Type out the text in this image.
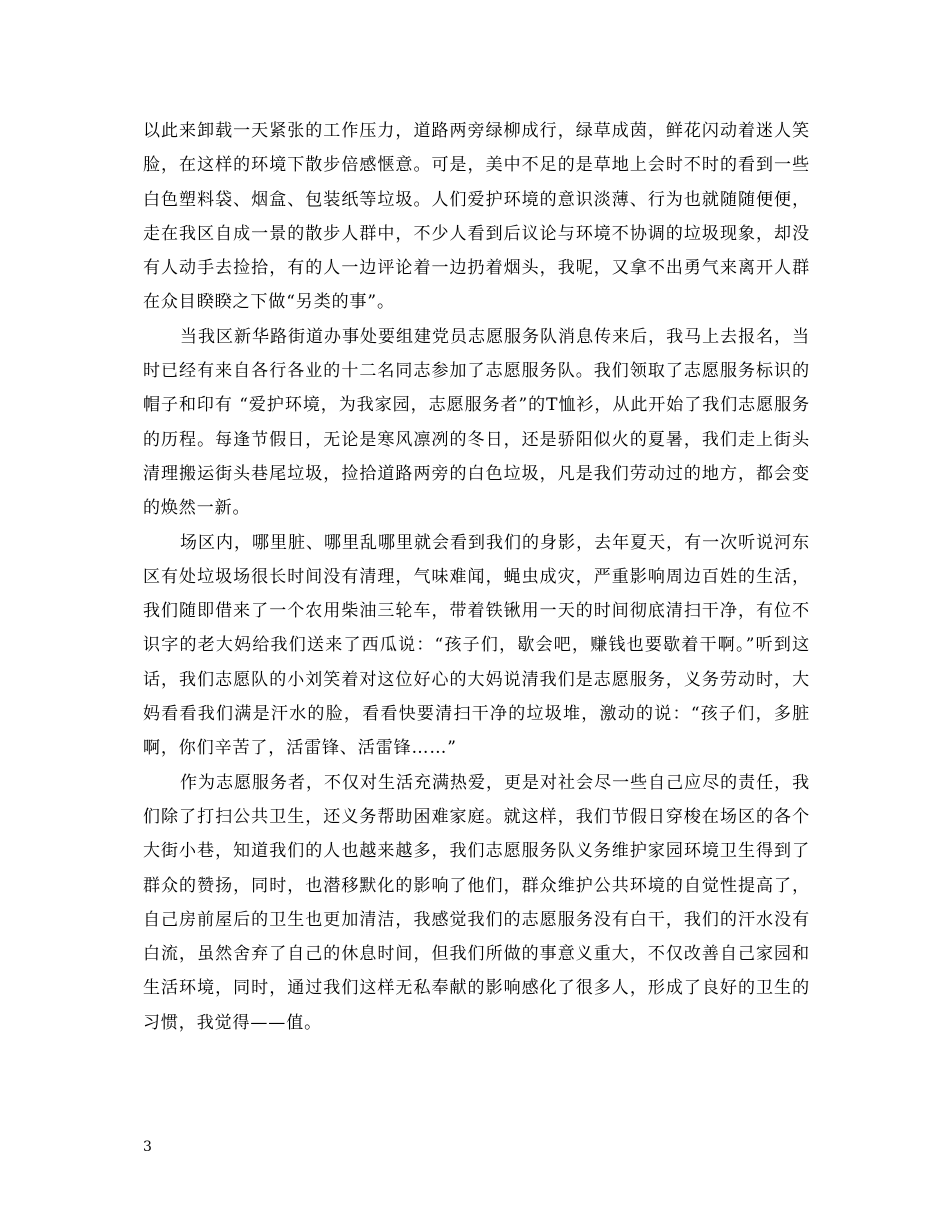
以此来卸载一天紧张的工作压力，道路两旁绿柳成行，绿草成茵，鲜花闪动着迷人笑脸，在这样的环境下散步倍感惬意。可是，美中不足的是草地上会时不时的看到一些白色塑料袋、烟盒、包装纸等垃圾。人们爱护环境的意识淡薄、行为也就随随便便，走在我区自成一景的散步人群中，不少人看到后议论与环境不协调的垃圾现象，却没有人动手去捡拾，有的人一边评论着一边扔着烟头，我呢，又拿不出勇气来离开人群在众目睽睽之下做“另类的事”。

当我区新华路街道办事处要组建党员志愿服务队消息传来后，我马上去报名，当时已经有来自各行各业的十二名同志参加了志愿服务队。我们领取了志愿服务标识的帽子和印有 “爱护环境，为我家园，志愿服务者”的T恤衫，从此开始了我们志愿服务的历程。每逢节假日，无论是寒风凛冽的冬日，还是骄阳似火的夏暑，我们走上街头清理搬运街头巷尾垃圾，捡拾道路两旁的白色垃圾，凡是我们劳动过的地方，都会变的焕然一新。

场区内，哪里脏、哪里乱哪里就会看到我们的身影，去年夏天，有一次听说河东区有处垃圾场很长时间没有清理，气味难闻，蝇虫成灾，严重影响周边百姓的生活，我们随即借来了一个农用柴油三轮车，带着铁锹用一天的时间彻底清扫干净，有位不识字的老大妈给我们送来了西瓜说：“孩子们，歇会吧，赚钱也要歇着干啊。”听到这话，我们志愿队的小刘笑着对这位好心的大妈说清我们是志愿服务，义务劳动时，大妈看看我们满是汗水的脸，看看快要清扫干净的垃圾堆，激动的说：“孩子们，多脏啊，你们辛苦了，活雷锋、活雷锋……”

作为志愿服务者，不仅对生活充满热爱，更是对社会尽一些自己应尽的责任，我们除了打扫公共卫生，还义务帮助困难家庭。就这样，我们节假日穿梭在场区的各个大街小巷，知道我们的人也越来越多，我们志愿服务队义务维护家园环境卫生得到了群众的赞扬，同时，也潜移默化的影响了他们，群众维护公共环境的自觉性提高了，自己房前屋后的卫生也更加清洁，我感觉我们的志愿服务没有白干，我们的汗水没有白流，虽然舍弃了自己的休息时间，但我们所做的事意义重大，不仅改善自己家园和生活环境，同时，通过我们这样无私奉献的影响感化了很多人，形成了良好的卫生的习惯，我觉得——值。

3
